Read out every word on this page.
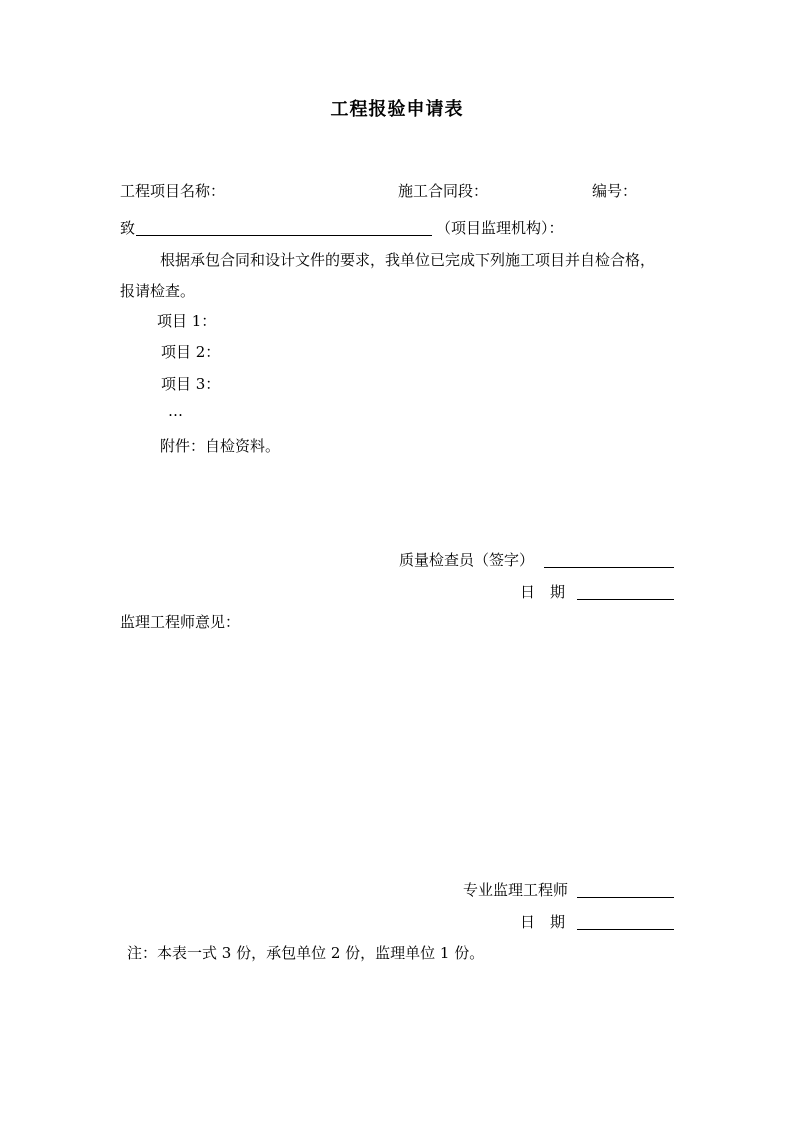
工程报验申请表
工程项目名称：	施工合同段：	编号：
致	（项目监理机构）：
根据承包合同和设计文件的要求，我单位已完成下列施工项目并自检合格，
报请检查。
项目 1：
项目 2：
项目 3：
…
附件：自检资料。
质量检查员（签字）
日　期
监理工程师意见：
专业监理工程师
日　期
注：本表一式 3 份，承包单位 2 份，监理单位 1 份。
